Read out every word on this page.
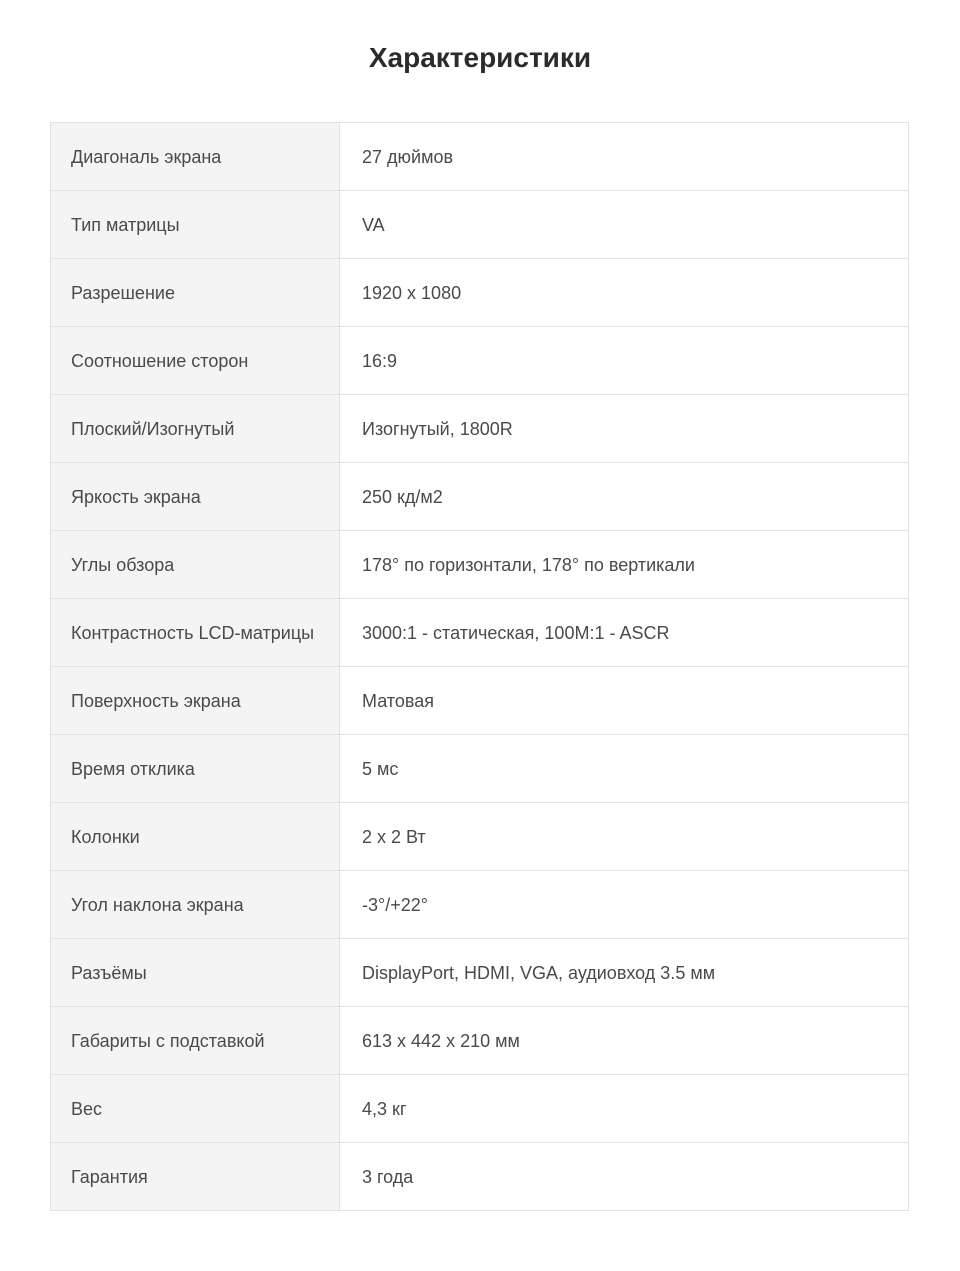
Характеристики
Диагональ экрана	27 дюймов
Тип матрицы	VA
Разрешение	1920 x 1080
Соотношение сторон	16:9
Плоский/Изогнутый	Изогнутый, 1800R
Яркость экрана	250 кд/м2
Углы обзора	178° по горизонтали, 178° по вертикали
Контрастность LCD-матрицы	3000:1 - статическая, 100M:1 - ASCR
Поверхность экрана	Матовая
Время отклика	5 мс
Колонки	2 x 2 Вт
Угол наклона экрана	-3°/+22°
Разъёмы	DisplayPort, HDMI, VGA, аудиовход 3.5 мм
Габариты с подставкой	613 x 442 x 210 мм
Вес	4,3 кг
Гарантия	3 года
